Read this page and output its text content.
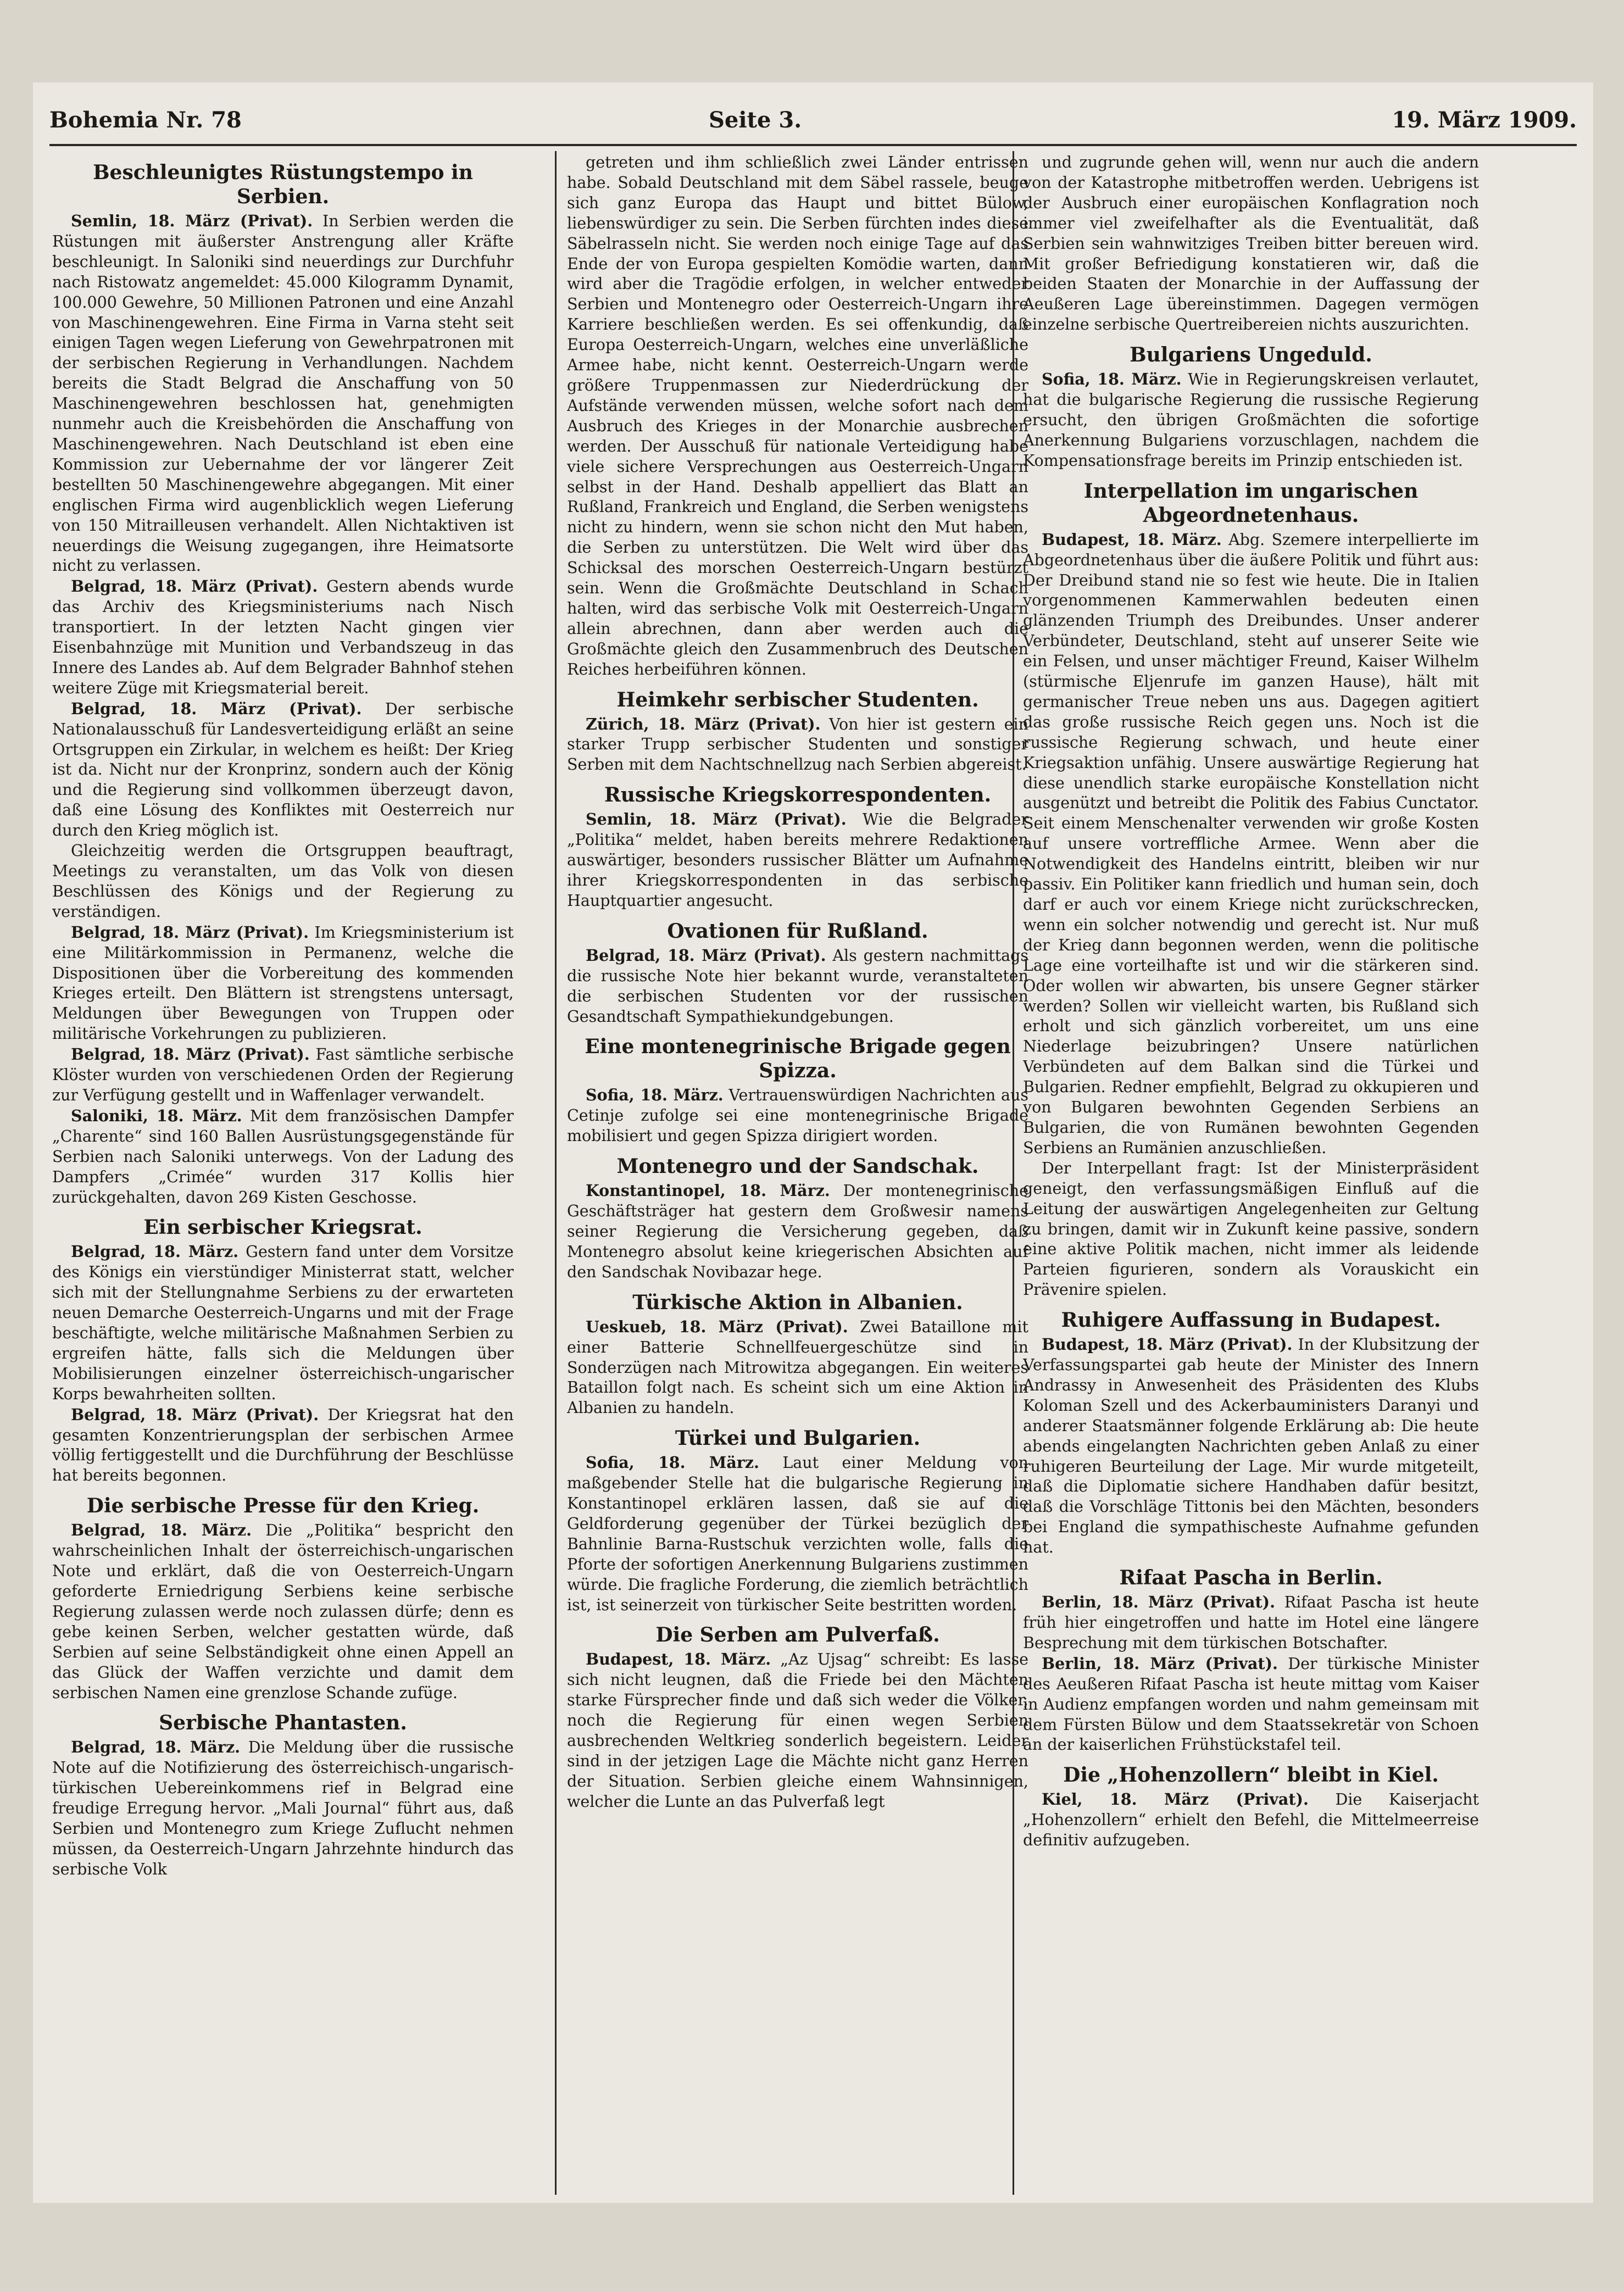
Bohemia Nr. 78	Seite 3.	19. März 1909.
Beschleunigtes Rüstungstempo in Serbien.

Semlin, 18. März (Privat). In Serbien werden die Rüstungen mit äußerster Anstrengung aller Kräfte beschleunigt. In Saloniki sind neuerdings zur Durchfuhr nach Ristowatz angemeldet: 45.000 Kilogramm Dynamit, 100.000 Gewehre, 50 Millionen Patronen und eine Anzahl von Maschinengewehren. Eine Firma in Varna steht seit einigen Tagen wegen Lieferung von Gewehrpatronen mit der serbischen Regierung in Verhandlungen. Nachdem bereits die Stadt Belgrad die Anschaffung von 50 Maschinengewehren beschlossen hat, genehmigten nunmehr auch die Kreisbehörden die Anschaffung von Maschinengewehren. Nach Deutschland ist eben eine Kommission zur Uebernahme der vor längerer Zeit bestellten 50 Maschinengewehre abgegangen. Mit einer englischen Firma wird augenblicklich wegen Lieferung von 150 Mitrailleusen verhandelt. Allen Nichtaktiven ist neuerdings die Weisung zugegangen, ihre Heimatsorte nicht zu verlassen.

Belgrad, 18. März (Privat). Gestern abends wurde das Archiv des Kriegsministeriums nach Nisch transportiert. In der letzten Nacht gingen vier Eisenbahnzüge mit Munition und Verbandszeug in das Innere des Landes ab. Auf dem Belgrader Bahnhof stehen weitere Züge mit Kriegsmaterial bereit.

Belgrad, 18. März (Privat). Der serbische Nationalausschuß für Landesverteidigung erläßt an seine Ortsgruppen ein Zirkular, in welchem es heißt: Der Krieg ist da. Nicht nur der Kronprinz, sondern auch der König und die Regierung sind vollkommen überzeugt davon, daß eine Lösung des Konfliktes mit Oesterreich nur durch den Krieg möglich ist.

Gleichzeitig werden die Ortsgruppen beauftragt, Meetings zu veranstalten, um das Volk von diesen Beschlüssen des Königs und der Regierung zu verständigen.

Belgrad, 18. März (Privat). Im Kriegsministerium ist eine Militärkommission in Permanenz, welche die Dispositionen über die Vorbereitung des kommenden Krieges erteilt. Den Blättern ist strengstens untersagt, Meldungen über Bewegungen von Truppen oder militärische Vorkehrungen zu publizieren.

Belgrad, 18. März (Privat). Fast sämtliche serbische Klöster wurden von verschiedenen Orden der Regierung zur Verfügung gestellt und in Waffenlager verwandelt.

Saloniki, 18. März. Mit dem französischen Dampfer „Charente“ sind 160 Ballen Ausrüstungsgegenstände für Serbien nach Saloniki unterwegs. Von der Ladung des Dampfers „Crimée“ wurden 317 Kollis hier zurückgehalten, davon 269 Kisten Geschosse.

Ein serbischer Kriegsrat.

Belgrad, 18. März. Gestern fand unter dem Vorsitze des Königs ein vierstündiger Ministerrat statt, welcher sich mit der Stellungnahme Serbiens zu der erwarteten neuen Demarche Oesterreich-Ungarns und mit der Frage beschäftigte, welche militärische Maßnahmen Serbien zu ergreifen hätte, falls sich die Meldungen über Mobilisierungen einzelner österreichisch-ungarischer Korps bewahrheiten sollten.

Belgrad, 18. März (Privat). Der Kriegsrat hat den gesamten Konzentrierungsplan der serbischen Armee völlig fertiggestellt und die Durchführung der Beschlüsse hat bereits begonnen.

Die serbische Presse für den Krieg.

Belgrad, 18. März. Die „Politika“ bespricht den wahrscheinlichen Inhalt der österreichisch-ungarischen Note und erklärt, daß die von Oesterreich-Ungarn geforderte Erniedrigung Serbiens keine serbische Regierung zulassen werde noch zulassen dürfe; denn es gebe keinen Serben, welcher gestatten würde, daß Serbien auf seine Selbständigkeit ohne einen Appell an das Glück der Waffen verzichte und damit dem serbischen Namen eine grenzlose Schande zufüge.

Serbische Phantasten.

Belgrad, 18. März. Die Meldung über die russische Note auf die Notifizierung des österreichisch-ungarisch-türkischen Uebereinkommens rief in Belgrad eine freudige Erregung hervor. „Mali Journal“ führt aus, daß Serbien und Montenegro zum Kriege Zuflucht nehmen müssen, da Oesterreich-Ungarn Jahrzehnte hindurch das serbische Volk

getreten und ihm schließlich zwei Länder entrissen habe. Sobald Deutschland mit dem Säbel rassele, beuge sich ganz Europa das Haupt und bittet Bülow, liebenswürdiger zu sein. Die Serben fürchten indes diese Säbelrasseln nicht. Sie werden noch einige Tage auf das Ende der von Europa gespielten Komödie warten, dann wird aber die Tragödie erfolgen, in welcher entweder Serbien und Montenegro oder Oesterreich-Ungarn ihre Karriere beschließen werden. Es sei offenkundig, daß Europa Oesterreich-Ungarn, welches eine unverläßliche Armee habe, nicht kennt. Oesterreich-Ungarn werde größere Truppenmassen zur Niederdrückung der Aufstände verwenden müssen, welche sofort nach dem Ausbruch des Krieges in der Monarchie ausbrechen werden. Der Ausschuß für nationale Verteidigung habe viele sichere Versprechungen aus Oesterreich-Ungarn selbst in der Hand. Deshalb appelliert das Blatt an Rußland, Frankreich und England, die Serben wenigstens nicht zu hindern, wenn sie schon nicht den Mut haben, die Serben zu unterstützen. Die Welt wird über das Schicksal des morschen Oesterreich-Ungarn bestürzt sein. Wenn die Großmächte Deutschland in Schach halten, wird das serbische Volk mit Oesterreich-Ungarn allein abrechnen, dann aber werden auch die Großmächte gleich den Zusammenbruch des Deutschen Reiches herbeiführen können.

Heimkehr serbischer Studenten.

Zürich, 18. März (Privat). Von hier ist gestern ein starker Trupp serbischer Studenten und sonstiger Serben mit dem Nachtschnellzug nach Serbien abgereist.

Russische Kriegskorrespondenten.

Semlin, 18. März (Privat). Wie die Belgrader „Politika“ meldet, haben bereits mehrere Redaktionen auswärtiger, besonders russischer Blätter um Aufnahme ihrer Kriegskorrespondenten in das serbische Hauptquartier angesucht.

Ovationen für Rußland.

Belgrad, 18. März (Privat). Als gestern nachmittags die russische Note hier bekannt wurde, veranstalteten die serbischen Studenten vor der russischen Gesandtschaft Sympathiekundgebungen.

Eine montenegrinische Brigade gegen Spizza.

Sofia, 18. März. Vertrauenswürdigen Nachrichten aus Cetinje zufolge sei eine montenegrinische Brigade mobilisiert und gegen Spizza dirigiert worden.

Montenegro und der Sandschak.

Konstantinopel, 18. März. Der montenegrinische Geschäftsträger hat gestern dem Großwesir namens seiner Regierung die Versicherung gegeben, daß Montenegro absolut keine kriegerischen Absichten auf den Sandschak Novibazar hege.

Türkische Aktion in Albanien.

Ueskueb, 18. März (Privat). Zwei Bataillone mit einer Batterie Schnellfeuergeschütze sind in Sonderzügen nach Mitrowitza abgegangen. Ein weiteres Bataillon folgt nach. Es scheint sich um eine Aktion in Albanien zu handeln.

Türkei und Bulgarien.

Sofia, 18. März. Laut einer Meldung von maßgebender Stelle hat die bulgarische Regierung in Konstantinopel erklären lassen, daß sie auf die Geldforderung gegenüber der Türkei bezüglich der Bahnlinie Barna-Rustschuk verzichten wolle, falls die Pforte der sofortigen Anerkennung Bulgariens zustimmen würde. Die fragliche Forderung, die ziemlich beträchtlich ist, ist seinerzeit von türkischer Seite bestritten worden.

Die Serben am Pulverfaß.

Budapest, 18. März. „Az Ujsag“ schreibt: Es lasse sich nicht leugnen, daß die Friede bei den Mächten starke Fürsprecher finde und daß sich weder die Völker, noch die Regierung für einen wegen Serbien ausbrechenden Weltkrieg sonderlich begeistern. Leider sind in der jetzigen Lage die Mächte nicht ganz Herren der Situation. Serbien gleiche einem Wahnsinnigen, welcher die Lunte an das Pulverfaß legt

und zugrunde gehen will, wenn nur auch die andern von der Katastrophe mitbetroffen werden. Uebrigens ist der Ausbruch einer europäischen Konflagration noch immer viel zweifelhafter als die Eventualität, daß Serbien sein wahnwitziges Treiben bitter bereuen wird. Mit großer Befriedigung konstatieren wir, daß die beiden Staaten der Monarchie in der Auffassung der Aeußeren Lage übereinstimmen. Dagegen vermögen einzelne serbische Quertreibereien nichts auszurichten.

Bulgariens Ungeduld.

Sofia, 18. März. Wie in Regierungskreisen verlautet, hat die bulgarische Regierung die russische Regierung ersucht, den übrigen Großmächten die sofortige Anerkennung Bulgariens vorzuschlagen, nachdem die Kompensationsfrage bereits im Prinzip entschieden ist.

Interpellation im ungarischen Abgeordnetenhaus.

Budapest, 18. März. Abg. Szemere interpellierte im Abgeordnetenhaus über die äußere Politik und führt aus: Der Dreibund stand nie so fest wie heute. Die in Italien vorgenommenen Kammerwahlen bedeuten einen glänzenden Triumph des Dreibundes. Unser anderer Verbündeter, Deutschland, steht auf unserer Seite wie ein Felsen, und unser mächtiger Freund, Kaiser Wilhelm (stürmische Eljenrufe im ganzen Hause), hält mit germanischer Treue neben uns aus. Dagegen agitiert das große russische Reich gegen uns. Noch ist die russische Regierung schwach, und heute einer Kriegsaktion unfähig. Unsere auswärtige Regierung hat diese unendlich starke europäische Konstellation nicht ausgenützt und betreibt die Politik des Fabius Cunctator. Seit einem Menschenalter verwenden wir große Kosten auf unsere vortreffliche Armee. Wenn aber die Notwendigkeit des Handelns eintritt, bleiben wir nur passiv. Ein Politiker kann friedlich und human sein, doch darf er auch vor einem Kriege nicht zurückschrecken, wenn ein solcher notwendig und gerecht ist. Nur muß der Krieg dann begonnen werden, wenn die politische Lage eine vorteilhafte ist und wir die stärkeren sind. Oder wollen wir abwarten, bis unsere Gegner stärker werden? Sollen wir vielleicht warten, bis Rußland sich erholt und sich gänzlich vorbereitet, um uns eine Niederlage beizubringen? Unsere natürlichen Verbündeten auf dem Balkan sind die Türkei und Bulgarien. Redner empfiehlt, Belgrad zu okkupieren und von Bulgaren bewohnten Gegenden Serbiens an Bulgarien, die von Rumänen bewohnten Gegenden Serbiens an Rumänien anzuschließen.

Der Interpellant fragt: Ist der Ministerpräsident geneigt, den verfassungsmäßigen Einfluß auf die Leitung der auswärtigen Angelegenheiten zur Geltung zu bringen, damit wir in Zukunft keine passive, sondern eine aktive Politik machen, nicht immer als leidende Parteien figurieren, sondern als Vorauskicht ein Prävenire spielen.

Ruhigere Auffassung in Budapest.

Budapest, 18. März (Privat). In der Klubsitzung der Verfassungspartei gab heute der Minister des Innern Andrassy in Anwesenheit des Präsidenten des Klubs Koloman Szell und des Ackerbauministers Daranyi und anderer Staatsmänner folgende Erklärung ab: Die heute abends eingelangten Nachrichten geben Anlaß zu einer ruhigeren Beurteilung der Lage. Mir wurde mitgeteilt, daß die Diplomatie sichere Handhaben dafür besitzt, daß die Vorschläge Tittonis bei den Mächten, besonders bei England die sympathischeste Aufnahme gefunden hat.

Rifaat Pascha in Berlin.

Berlin, 18. März (Privat). Rifaat Pascha ist heute früh hier eingetroffen und hatte im Hotel eine längere Besprechung mit dem türkischen Botschafter.

Berlin, 18. März (Privat). Der türkische Minister des Aeußeren Rifaat Pascha ist heute mittag vom Kaiser in Audienz empfangen worden und nahm gemeinsam mit dem Fürsten Bülow und dem Staatssekretär von Schoen an der kaiserlichen Frühstückstafel teil.

Die „Hohenzollern“ bleibt in Kiel.

Kiel, 18. März (Privat). Die Kaiserjacht „Hohenzollern“ erhielt den Befehl, die Mittelmeerreise definitiv aufzugeben.
